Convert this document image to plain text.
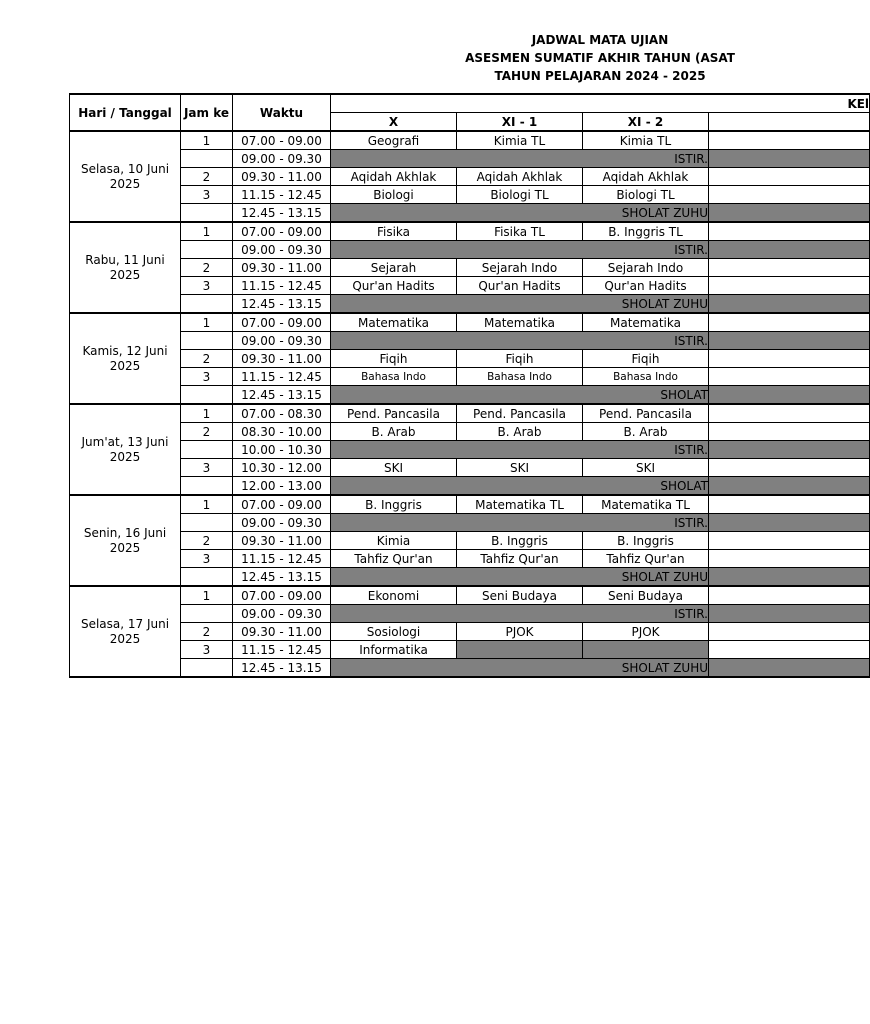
JADWAL MATA UJIAN
ASESMEN SUMATIF AKHIR TAHUN (ASAT
TAHUN PELAJARAN 2024 - 2025
Hari / Tanggal	Jam ke	Waktu	KEl			
			X	XI - 1	XI - 2	
Selasa, 10 Juni 2025	1	07.00 - 09.00	Geografi	Kimia TL	Kimia TL	
		09.00 - 09.30	ISTIR.			
	2	09.30 - 11.00	Aqidah Akhlak	Aqidah Akhlak	Aqidah Akhlak	
	3	11.15 - 12.45	Biologi	Biologi TL	Biologi TL	
		12.45 - 13.15	SHOLAT ZUHU			
Rabu, 11 Juni 2025	1	07.00 - 09.00	Fisika	Fisika TL	B. Inggris TL	
		09.00 - 09.30	ISTIR.			
	2	09.30 - 11.00	Sejarah	Sejarah Indo	Sejarah Indo	
	3	11.15 - 12.45	Qur'an Hadits	Qur'an Hadits	Qur'an Hadits	
		12.45 - 13.15	SHOLAT ZUHU			
Kamis, 12 Juni 2025	1	07.00 - 09.00	Matematika	Matematika	Matematika	
		09.00 - 09.30	ISTIR.			
	2	09.30 - 11.00	Fiqih	Fiqih	Fiqih	
	3	11.15 - 12.45	Bahasa Indo	Bahasa Indo	Bahasa Indo	
		12.45 - 13.15	SHOLAT			
Jum'at, 13 Juni 2025	1	07.00 - 08.30	Pend. Pancasila	Pend. Pancasila	Pend. Pancasila	
	2	08.30 - 10.00	B. Arab	B. Arab	B. Arab	
		10.00 - 10.30	ISTIR.			
	3	10.30 - 12.00	SKI	SKI	SKI	
		12.00 - 13.00	SHOLAT			
Senin, 16 Juni 2025	1	07.00 - 09.00	B. Inggris	Matematika TL	Matematika TL	
		09.00 - 09.30	ISTIR.			
	2	09.30 - 11.00	Kimia	B. Inggris	B. Inggris	
	3	11.15 - 12.45	Tahfiz Qur'an	Tahfiz Qur'an	Tahfiz Qur'an	
		12.45 - 13.15	SHOLAT ZUHU			
Selasa, 17 Juni 2025	1	07.00 - 09.00	Ekonomi	Seni Budaya	Seni Budaya	
		09.00 - 09.30	ISTIR.			
	2	09.30 - 11.00	Sosiologi	PJOK	PJOK	
	3	11.15 - 12.45	Informatika			
		12.45 - 13.15	SHOLAT ZUHU			
